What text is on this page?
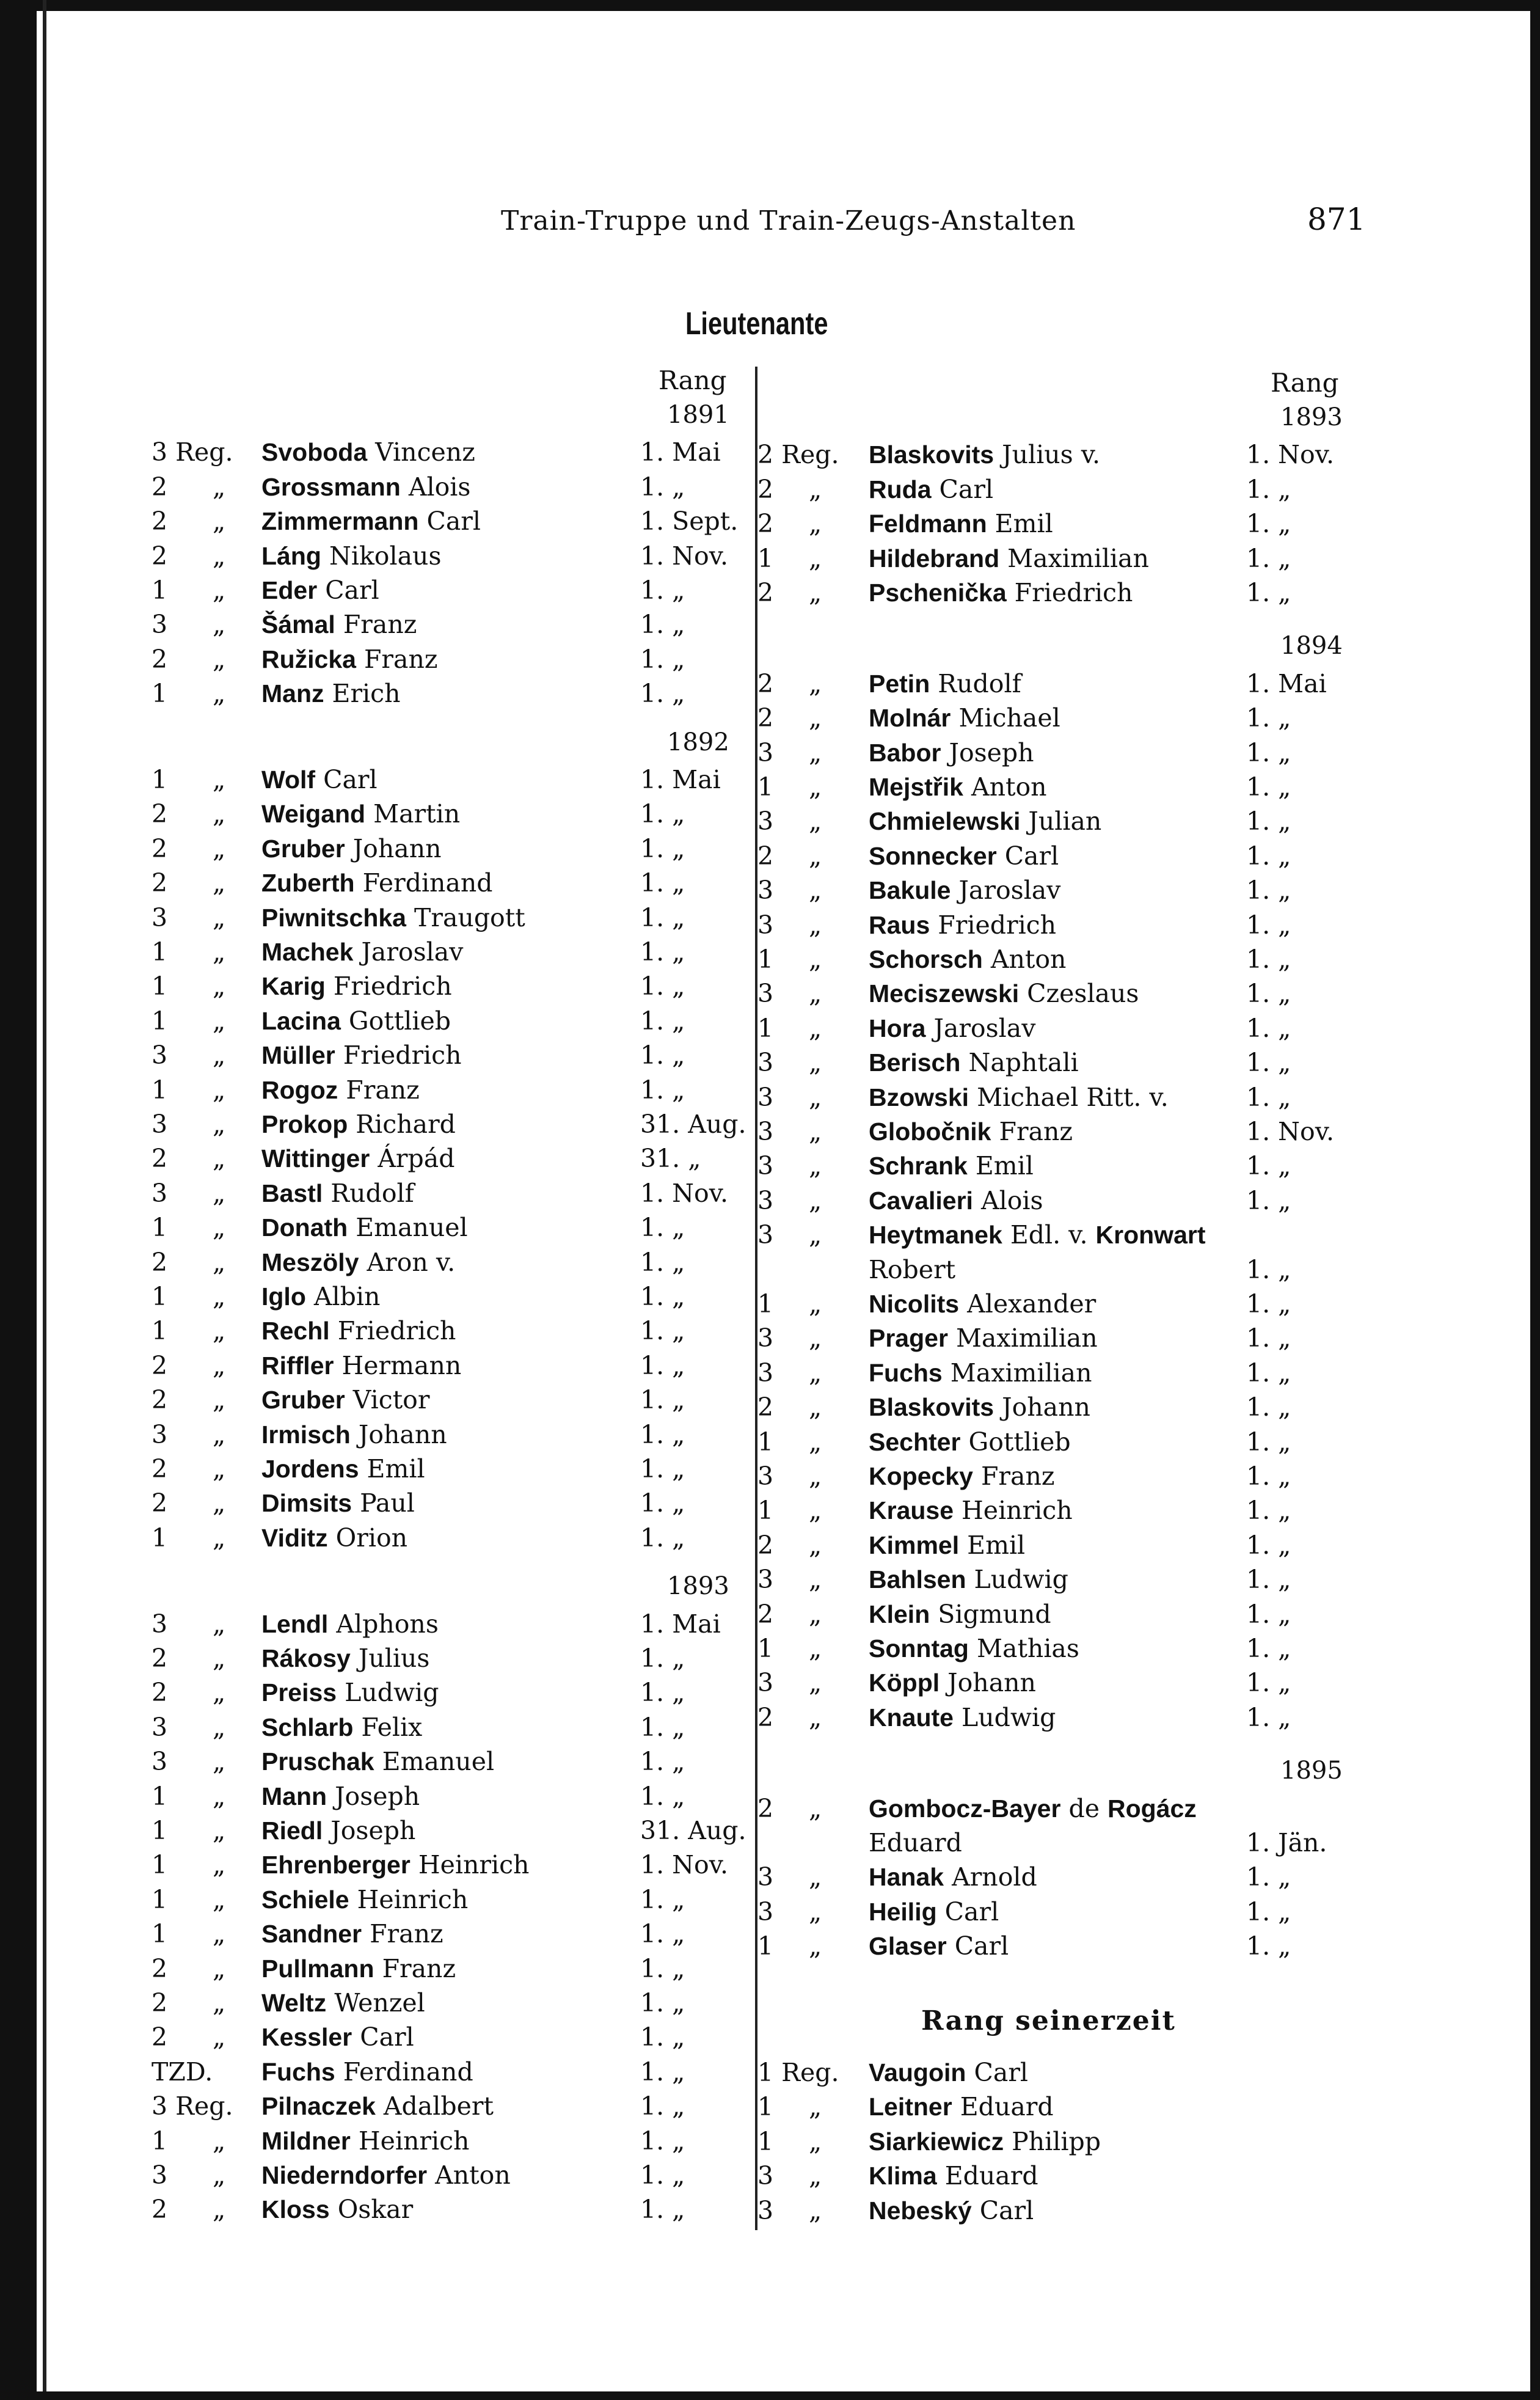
Train-Truppe und Train-Zeugs-Anstalten	871
Lieutenante
Rang	Rang
1891
3 Reg. Svoboda Vincenz	1. Mai
2 „ Grossmann Alois	1. „
2 „ Zimmermann Carl	1. Sept.
2 „ Láng Nikolaus	1. Nov.
1 „ Eder Carl	1. „
3 „ Šámal Franz	1. „
2 „ Ružicka Franz	1. „
1 „ Manz Erich	1. „
1892
1 „ Wolf Carl	1. Mai
2 „ Weigand Martin	1. „
2 „ Gruber Johann	1. „
2 „ Zuberth Ferdinand	1. „
3 „ Piwnitschka Traugott	1. „
1 „ Machek Jaroslav	1. „
1 „ Karig Friedrich	1. „
1 „ Lacina Gottlieb	1. „
3 „ Müller Friedrich	1. „
1 „ Rogoz Franz	1. „
3 „ Prokop Richard	31. Aug.
2 „ Wittinger Árpád	31. „
3 „ Bastl Rudolf	1. Nov.
1 „ Donath Emanuel	1. „
2 „ Meszöly Aron v.	1. „
1 „ Iglo Albin	1. „
1 „ Rechl Friedrich	1. „
2 „ Riffler Hermann	1. „
2 „ Gruber Victor	1. „
3 „ Irmisch Johann	1. „
2 „ Jordens Emil	1. „
2 „ Dimsits Paul	1. „
1 „ Viditz Orion	1. „
1893
3 „ Lendl Alphons	1. Mai
2 „ Rákosy Julius	1. „
2 „ Preiss Ludwig	1. „
3 „ Schlarb Felix	1. „
3 „ Pruschak Emanuel	1. „
1 „ Mann Joseph	1. „
1 „ Riedl Joseph	31. Aug.
1 „ Ehrenberger Heinrich	1. Nov.
1 „ Schiele Heinrich	1. „
1 „ Sandner Franz	1. „
2 „ Pullmann Franz	1. „
2 „ Weltz Wenzel	1. „
2 „ Kessler Carl	1. „
TZD. Fuchs Ferdinand	1. „
3 Reg. Pilnaczek Adalbert	1. „
1 „ Mildner Heinrich	1. „
3 „ Niederndorfer Anton	1. „
2 „ Kloss Oskar	1. „
1893
2 Reg. Blaskovits Julius v.	1. Nov.
2 „ Ruda Carl	1. „
2 „ Feldmann Emil	1. „
1 „ Hildebrand Maximilian	1. „
2 „ Pschenička Friedrich	1. „
1894
2 „ Petin Rudolf	1. Mai
2 „ Molnár Michael	1. „
3 „ Babor Joseph	1. „
1 „ Mejstřik Anton	1. „
3 „ Chmielewski Julian	1. „
2 „ Sonnecker Carl	1. „
3 „ Bakule Jaroslav	1. „
3 „ Raus Friedrich	1. „
1 „ Schorsch Anton	1. „
3 „ Meciszewski Czeslaus	1. „
1 „ Hora Jaroslav	1. „
3 „ Berisch Naphtali	1. „
3 „ Bzowski Michael Ritt. v.	1. „
3 „ Globočnik Franz	1. Nov.
3 „ Schrank Emil	1. „
3 „ Cavalieri Alois	1. „
3 „ Heytmanek Edl. v. Kronwart
Robert	1. „
1 „ Nicolits Alexander	1. „
3 „ Prager Maximilian	1. „
3 „ Fuchs Maximilian	1. „
2 „ Blaskovits Johann	1. „
1 „ Sechter Gottlieb	1. „
3 „ Kopecky Franz	1. „
1 „ Krause Heinrich	1. „
2 „ Kimmel Emil	1. „
3 „ Bahlsen Ludwig	1. „
2 „ Klein Sigmund	1. „
1 „ Sonntag Mathias	1. „
3 „ Köppl Johann	1. „
2 „ Knaute Ludwig	1. „
1895
2 „ Gombocz-Bayer de Rogácz
Eduard	1. Jän.
3 „ Hanak Arnold	1. „
3 „ Heilig Carl	1. „
1 „ Glaser Carl	1. „
Rang seinerzeit
1 Reg. Vaugoin Carl
1 „ Leitner Eduard
1 „ Siarkiewicz Philipp
3 „ Klima Eduard
3 „ Nebeský Carl
